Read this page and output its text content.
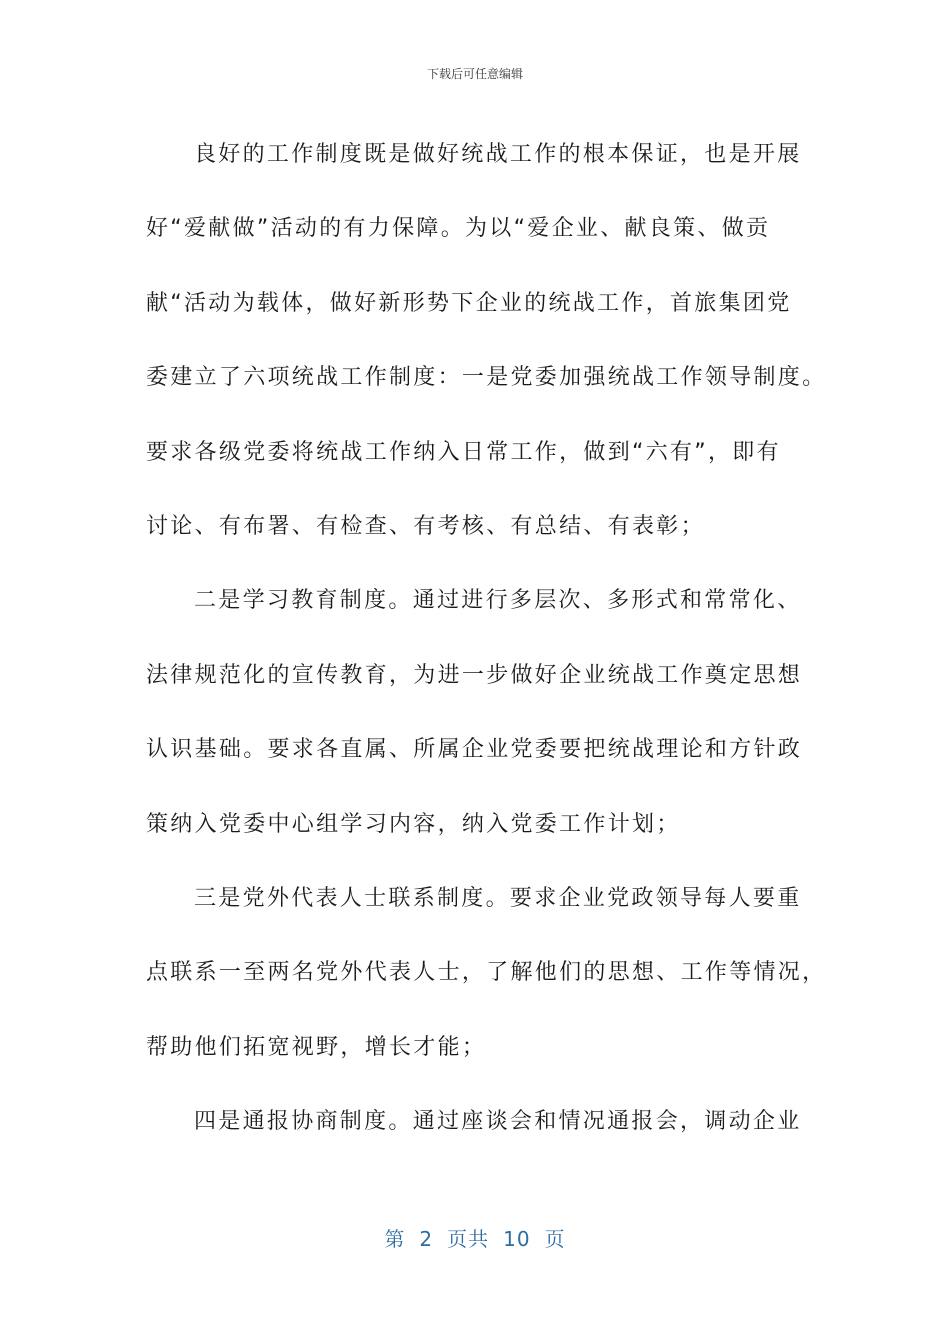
下载后可任意编辑
良好的工作制度既是做好统战工作的根本保证，也是开展
好“爱献做”活动的有力保障。为以“爱企业、献良策、做贡
献“活动为载体，做好新形势下企业的统战工作，首旅集团党
委建立了六项统战工作制度：一是党委加强统战工作领导制度。
要求各级党委将统战工作纳入日常工作，做到“六有”，即有
讨论、有布署、有检查、有考核、有总结、有表彰；
二是学习教育制度。通过进行多层次、多形式和常常化、
法律规范化的宣传教育，为进一步做好企业统战工作奠定思想
认识基础。要求各直属、所属企业党委要把统战理论和方针政
策纳入党委中心组学习内容，纳入党委工作计划；
三是党外代表人士联系制度。要求企业党政领导每人要重
点联系一至两名党外代表人士，了解他们的思想、工作等情况，
帮助他们拓宽视野，增长才能；
四是通报协商制度。通过座谈会和情况通报会，调动企业
第 2 页共 10 页
